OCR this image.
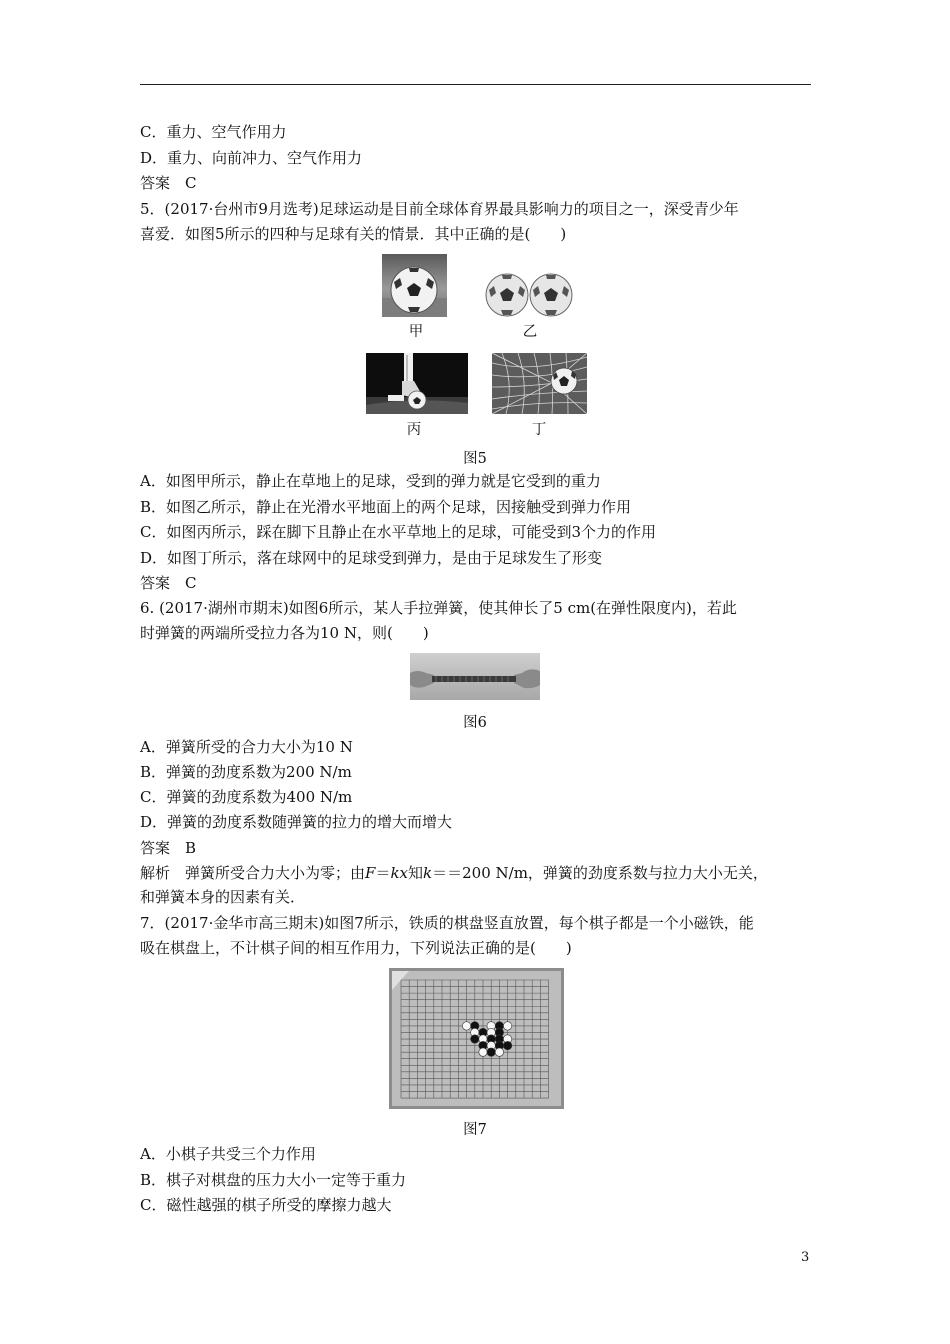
C．重力、空气作用力
D．重力、向前冲力、空气作用力
答案　C
5．(2017·台州市9月选考)足球运动是目前全球体育界最具影响力的项目之一，深受青少年
喜爱．如图5所示的四种与足球有关的情景．其中正确的是(　　)
甲	乙
丙	丁
图5
A．如图甲所示，静止在草地上的足球，受到的弹力就是它受到的重力
B．如图乙所示，静止在光滑水平地面上的两个足球，因接触受到弹力作用
C．如图丙所示，踩在脚下且静止在水平草地上的足球，可能受到3个力的作用
D．如图丁所示，落在球网中的足球受到弹力，是由于足球发生了形变
答案　C
6. (2017·湖州市期末)如图6所示，某人手拉弹簧，使其伸长了5 cm(在弹性限度内)，若此
时弹簧的两端所受拉力各为10 N，则(　　)
图6
A．弹簧所受的合力大小为10 N
B．弹簧的劲度系数为200 N/m
C．弹簧的劲度系数为400 N/m
D．弹簧的劲度系数随弹簧的拉力的增大而增大
答案　B
解析　弹簧所受合力大小为零；由F＝kx知k＝＝200 N/m，弹簧的劲度系数与拉力大小无关，
和弹簧本身的因素有关．
7．(2017·金华市高三期末)如图7所示，铁质的棋盘竖直放置，每个棋子都是一个小磁铁，能
吸在棋盘上，不计棋子间的相互作用力，下列说法正确的是(　　)
图7
A．小棋子共受三个力作用
B．棋子对棋盘的压力大小一定等于重力
C．磁性越强的棋子所受的摩擦力越大
3
